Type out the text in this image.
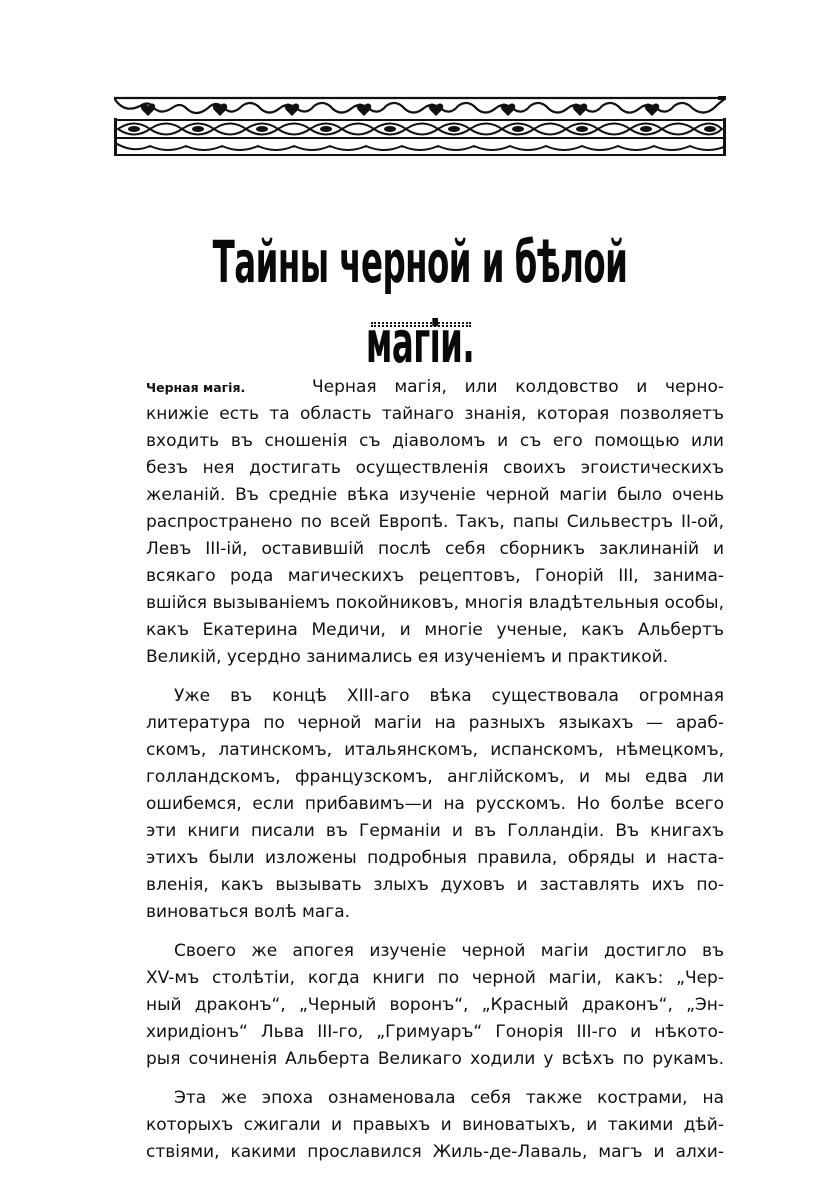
Тайны черной и бѣлой магіи.
Черная магія.	Черная магія, или колдовство и черно-
книжіе есть та область тайнаго знанія, которая позволяетъ
входить въ сношенія съ діаволомъ и съ его помощью или
безъ нея достигать осуществленія своихъ эгоистическихъ
желаній. Въ средніе вѣка изученіе черной магіи было очень
распространено по всей Европѣ. Такъ, папы Сильвестръ II-ой,
Левъ III-ій, оставившій послѣ себя сборникъ заклинаній и
всякаго рода магическихъ рецептовъ, Гонорій III, занима-
вшійся вызываніемъ покойниковъ, многія владѣтельныя особы,
какъ Екатерина Медичи, и многіе ученые, какъ Альбертъ
Великій, усердно занимались ея изученіемъ и практикой.
Уже въ концѣ XIII-аго вѣка существовала огромная
литература по черной магіи на разныхъ языкахъ — араб-
скомъ, латинскомъ, итальянскомъ, испанскомъ, нѣмецкомъ,
голландскомъ, французскомъ, англійскомъ, и мы едва ли
ошибемся, если прибавимъ—и на русскомъ. Но болѣе всего
эти книги писали въ Германіи и въ Голландіи. Въ книгахъ
этихъ были изложены подробныя правила, обряды и наста-
вленія, какъ вызывать злыхъ духовъ и заставлять ихъ по-
виноваться волѣ мага.
Своего же апогея изученіе черной магіи достигло въ
XV-мъ столѣтіи, когда книги по черной магіи, какъ: „Чер-
ный драконъ“, „Черный воронъ“, „Красный драконъ“, „Эн-
хиридіонъ“ Льва III-го, „Гримуаръ“ Гонорія III-го и нѣкото-
рыя сочиненія Альберта Великаго ходили у всѣхъ по рукамъ.
Эта же эпоха ознаменовала себя также кострами, на
которыхъ сжигали и правыхъ и виноватыхъ, и такими дѣй-
ствіями, какими прославился Жиль-де-Лаваль, магъ и алхи-
